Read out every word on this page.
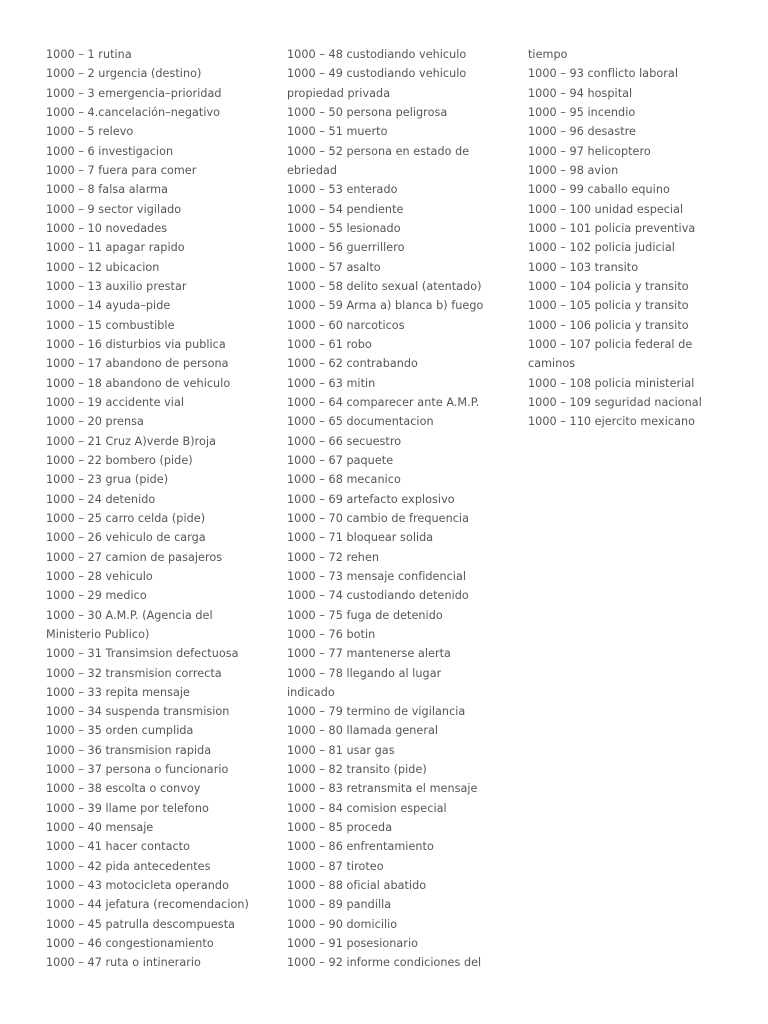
1000 – 1 rutina
1000 – 2 urgencia (destino)
1000 – 3 emergencia–prioridad
1000 – 4.cancelación–negativo
1000 – 5 relevo
1000 – 6 investigacion
1000 – 7 fuera para comer
1000 – 8 falsa alarma
1000 – 9 sector vigilado
1000 – 10 novedades
1000 – 11 apagar rapido
1000 – 12 ubicacion
1000 – 13 auxilio prestar
1000 – 14 ayuda–pide
1000 – 15 combustible
1000 – 16 disturbios via publica
1000 – 17 abandono de persona
1000 – 18 abandono de vehiculo
1000 – 19 accidente vial
1000 – 20 prensa
1000 – 21 Cruz A)verde B)roja
1000 – 22 bombero (pide)
1000 – 23 grua (pide)
1000 – 24 detenido
1000 – 25 carro celda (pide)
1000 – 26 vehiculo de carga
1000 – 27 camion de pasajeros
1000 – 28 vehiculo
1000 – 29 medico
1000 – 30 A.M.P. (Agencia del
Ministerio Publico)
1000 – 31 Transimsion defectuosa
1000 – 32 transmision correcta
1000 – 33 repita mensaje
1000 – 34 suspenda transmision
1000 – 35 orden cumplida
1000 – 36 transmision rapida
1000 – 37 persona o funcionario
1000 – 38 escolta o convoy
1000 – 39 llame por telefono
1000 – 40 mensaje
1000 – 41 hacer contacto
1000 – 42 pida antecedentes
1000 – 43 motocicleta operando
1000 – 44 jefatura (recomendacion)
1000 – 45 patrulla descompuesta
1000 – 46 congestionamiento
1000 – 47 ruta o intinerario
1000 – 48 custodiando vehiculo
1000 – 49 custodiando vehiculo
propiedad privada
1000 – 50 persona peligrosa
1000 – 51 muerto
1000 – 52 persona en estado de
ebriedad
1000 – 53 enterado
1000 – 54 pendiente
1000 – 55 lesionado
1000 – 56 guerrillero
1000 – 57 asalto
1000 – 58 delito sexual (atentado)
1000 – 59 Arma a) blanca b) fuego
1000 – 60 narcoticos
1000 – 61 robo
1000 – 62 contrabando
1000 – 63 mitin
1000 – 64 comparecer ante A.M.P.
1000 – 65 documentacion
1000 – 66 secuestro
1000 – 67 paquete
1000 – 68 mecanico
1000 – 69 artefacto explosivo
1000 – 70 cambio de frequencia
1000 – 71 bloquear solida
1000 – 72 rehen
1000 – 73 mensaje confidencial
1000 – 74 custodiando detenido
1000 – 75 fuga de detenido
1000 – 76 botin
1000 – 77 mantenerse alerta
1000 – 78 llegando al lugar
indicado
1000 – 79 termino de vigilancia
1000 – 80 llamada general
1000 – 81 usar gas
1000 – 82 transito (pide)
1000 – 83 retransmita el mensaje
1000 – 84 comision especial
1000 – 85 proceda
1000 – 86 enfrentamiento
1000 – 87 tiroteo
1000 – 88 oficial abatido
1000 – 89 pandilla
1000 – 90 domicilio
1000 – 91 posesionario
1000 – 92 informe condiciones del
tiempo
1000 – 93 conflicto laboral
1000 – 94 hospital
1000 – 95 incendio
1000 – 96 desastre
1000 – 97 helicoptero
1000 – 98 avion
1000 – 99 caballo equino
1000 – 100 unidad especial
1000 – 101 policia preventiva
1000 – 102 policia judicial
1000 – 103 transito
1000 – 104 policia y transito
1000 – 105 policia y transito
1000 – 106 policia y transito
1000 – 107 policia federal de
caminos
1000 – 108 policia ministerial
1000 – 109 seguridad nacional
1000 – 110 ejercito mexicano
